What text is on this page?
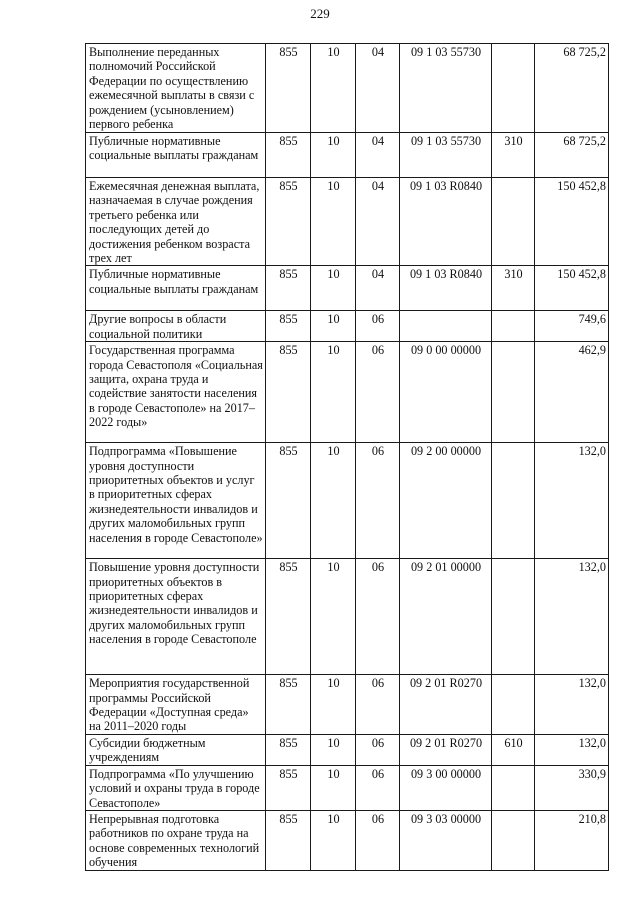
229
Выполнение переданных полномочий Российской Федерации по осуществлению ежемесячной выплаты в связи с рождением (усыновлением) первого ребенка	855	10	04	09 1 03 55730		68 725,2
Публичные нормативные социальные выплаты гражданам	855	10	04	09 1 03 55730	310	68 725,2
Ежемесячная денежная выплата, назначаемая в случае рождения третьего ребенка или последующих детей до достижения ребенком возраста трех лет	855	10	04	09 1 03 R0840		150 452,8
Публичные нормативные социальные выплаты гражданам	855	10	04	09 1 03 R0840	310	150 452,8
Другие вопросы в области социальной политики	855	10	06			749,6
Государственная программа города Севастополя «Социальная защита, охрана труда и содействие занятости населения в городе Севастополе» на 2017–2022 годы»	855	10	06	09 0 00 00000		462,9
Подпрограмма «Повышение уровня доступности приоритетных объектов и услуг в приоритетных сферах жизнедеятельности инвалидов и других маломобильных групп населения в городе Севастополе»	855	10	06	09 2 00 00000		132,0
Повышение уровня доступности приоритетных объектов в приоритетных сферах жизнедеятельности инвалидов и других маломобильных групп населения в городе Севастополе	855	10	06	09 2 01 00000		132,0
Мероприятия государственной программы Российской Федерации «Доступная среда» на 2011–2020 годы	855	10	06	09 2 01 R0270		132,0
Субсидии бюджетным учреждениям	855	10	06	09 2 01 R0270	610	132,0
Подпрограмма «По улучшению условий и охраны труда в городе Севастополе»	855	10	06	09 3 00 00000		330,9
Непрерывная подготовка работников по охране труда на основе современных технологий обучения	855	10	06	09 3 03 00000		210,8
